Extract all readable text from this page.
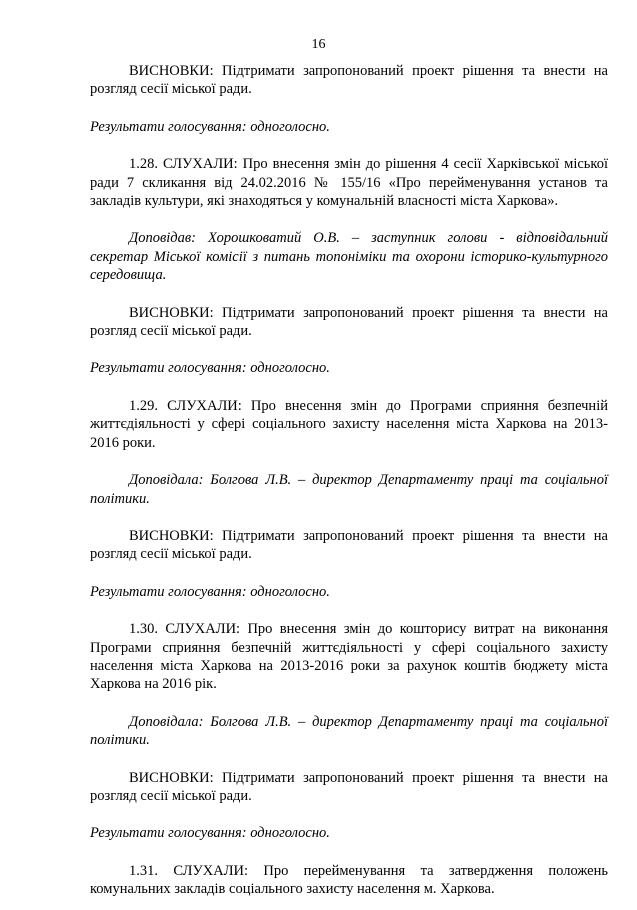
16

ВИСНОВКИ: Підтримати запропонований проект рішення та внести на розгляд сесії міської ради.

Результати голосування: одноголосно.

1.28. СЛУХАЛИ: Про внесення змін до рішення 4 сесії Харківської міської ради 7 скликання від 24.02.2016 № 155/16 «Про перейменування установ та закладів культури, які знаходяться у комунальній власності міста Харкова».

Доповідав: Хорошковатий О.В. – заступник голови - відповідальний секретар Міської комісії з питань топоніміки та охорони історико-культурного середовища.

ВИСНОВКИ: Підтримати запропонований проект рішення та внести на розгляд сесії міської ради.

Результати голосування: одноголосно.

1.29. СЛУХАЛИ: Про внесення змін до Програми сприяння безпечній життєдіяльності у сфері соціального захисту населення міста Харкова на 2013-2016 роки.

Доповідала: Болгова Л.В. – директор Департаменту праці та соціальної політики.

ВИСНОВКИ: Підтримати запропонований проект рішення та внести на розгляд сесії міської ради.

Результати голосування: одноголосно.

1.30. СЛУХАЛИ: Про внесення змін до кошторису витрат на виконання Програми сприяння безпечній життєдіяльності у сфері соціального захисту населення міста Харкова на 2013-2016 роки за рахунок коштів бюджету міста Харкова на 2016 рік.

Доповідала: Болгова Л.В. – директор Департаменту праці та соціальної політики.

ВИСНОВКИ: Підтримати запропонований проект рішення та внести на розгляд сесії міської ради.

Результати голосування: одноголосно.

1.31. СЛУХАЛИ: Про перейменування та затвердження положень комунальних закладів соціального захисту населення м. Харкова.
